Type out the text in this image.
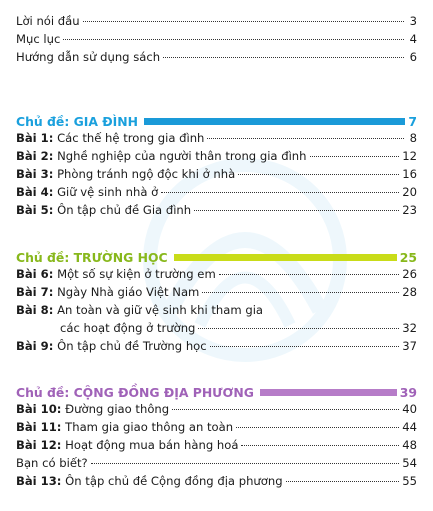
Lời nói đầu	3
Mục lục	4
Hướng dẫn sử dụng sách	6
Chủ đề: GIA ĐÌNH	7
Bài 1: Các thế hệ trong gia đình	8
Bài 2: Nghề nghiệp của người thân trong gia đình	12
Bài 3: Phòng tránh ngộ độc khi ở nhà	16
Bài 4: Giữ vệ sinh nhà ở	20
Bài 5: Ôn tập chủ đề Gia đình	23
Chủ đề: TRƯỜNG HỌC	25
Bài 6: Một số sự kiện ở trường em	26
Bài 7: Ngày Nhà giáo Việt Nam	28
Bài 8: An toàn và giữ vệ sinh khi tham gia
các hoạt động ở trường	32
Bài 9: Ôn tập chủ đề Trường học	37
Chủ đề: CỘNG ĐỒNG ĐỊA PHƯƠNG	39
Bài 10: Đường giao thông	40
Bài 11: Tham gia giao thông an toàn	44
Bài 12: Hoạt động mua bán hàng hoá	48
Bạn có biết?	54
Bài 13: Ôn tập chủ đề Cộng đồng địa phương	55
